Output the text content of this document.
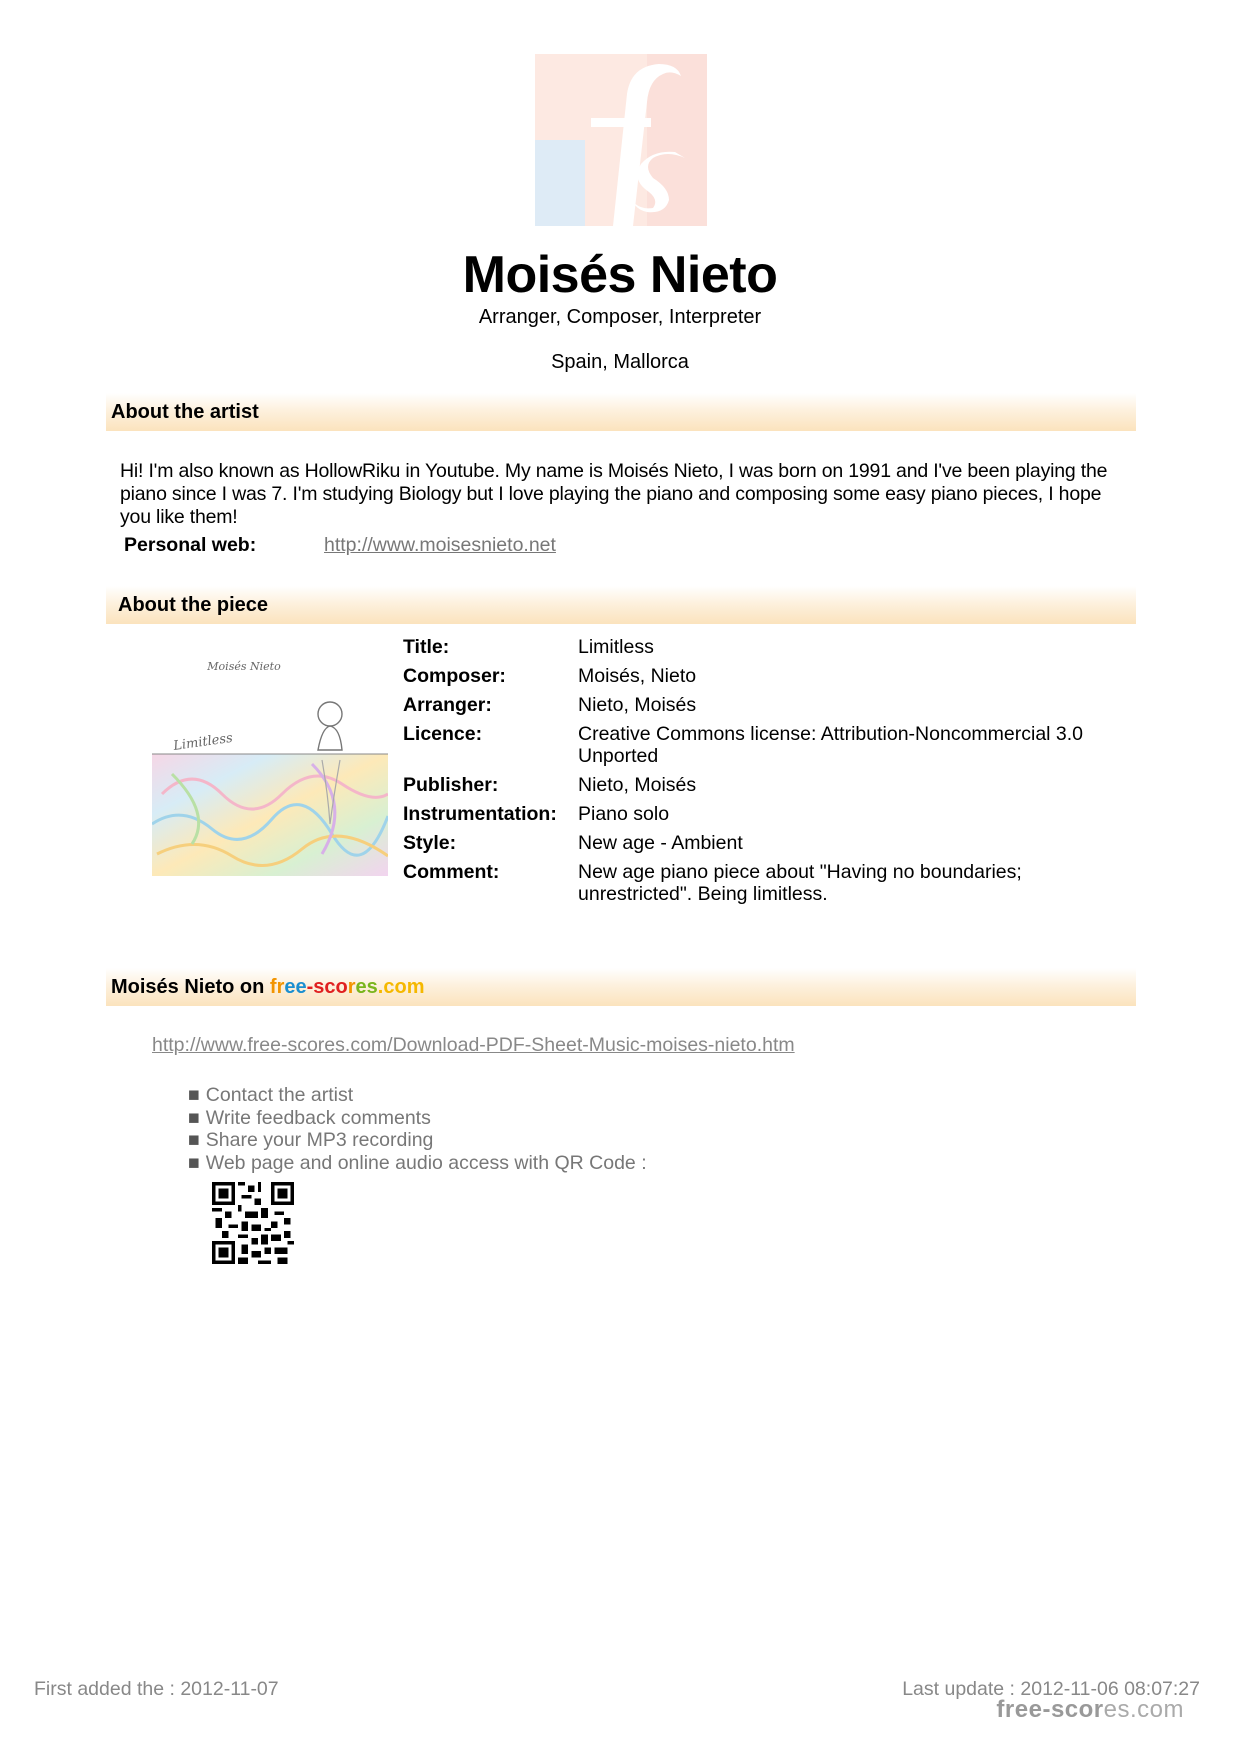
Moisés Nieto
Arranger, Composer, Interpreter
Spain, Mallorca
About the artist
Hi! I'm also known as HollowRiku in Youtube. My name is Moisés Nieto, I was born on 1991 and I've been playing the piano since I was 7. I'm studying Biology but I love playing the piano and composing some easy piano pieces, I hope you like them!
Personal web:	http://www.moisesnieto.net
About the piece
Moisés Nieto
Limitless
Title:	Limitless
Composer:	Moisés, Nieto
Arranger:	Nieto, Moisés
Licence:	Creative Commons license: Attribution-Noncommercial 3.0 Unported
Publisher:	Nieto, Moisés
Instrumentation: Piano solo
Style:	New age - Ambient
Comment:	New age piano piece about "Having no boundaries; unrestricted". Being limitless.
Moisés Nieto on free-scores.com
http://www.free-scores.com/Download-PDF-Sheet-Music-moises-nieto.htm
■ Contact the artist
■ Write feedback comments
■ Share your MP3 recording
■ Web page and online audio access with QR Code :
First added the : 2012-11-07	Last update : 2012-11-06 08:07:27
free-scores.com
